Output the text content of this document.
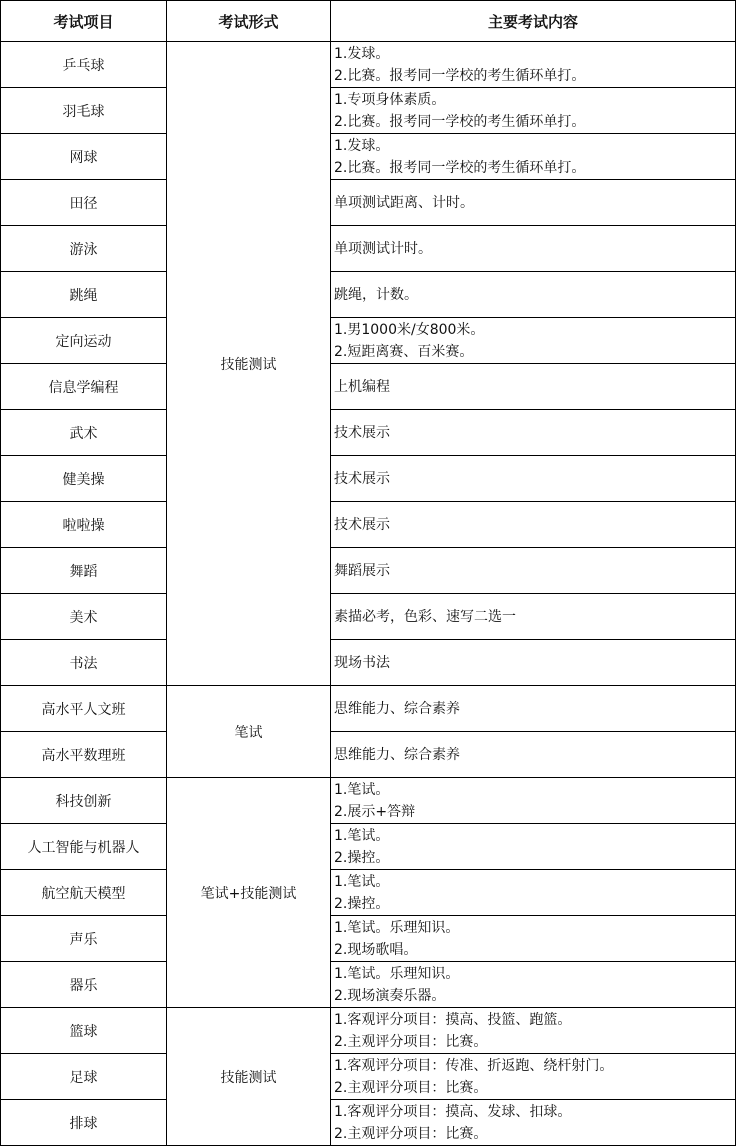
考试项目	考试形式	主要考试内容
乒乓球	技能测试	1.发球。
2.比赛。报考同一学校的考生循环单打。

羽毛球		1.专项身体素质。
2.比赛。报考同一学校的考生循环单打。

网球		1.发球。
2.比赛。报考同一学校的考生循环单打。

田径		单项测试距离、计时。

游泳		单项测试计时。

跳绳		跳绳，计数。

定向运动		1.男1000米/女800米。
2.短距离赛、百米赛。

信息学编程		上机编程

武术		技术展示

健美操		技术展示

啦啦操		技术展示

舞蹈		舞蹈展示

美术		素描必考，色彩、速写二选一

书法		现场书法

高水平人文班	笔试	思维能力、综合素养

高水平数理班		思维能力、综合素养

科技创新	笔试+技能测试	1.笔试。
2.展示+答辩

人工智能与机器人		1.笔试。
2.操控。

航空航天模型		1.笔试。
2.操控。

声乐		1.笔试。乐理知识。
2.现场歌唱。

器乐		1.笔试。乐理知识。
2.现场演奏乐器。

篮球	技能测试	1.客观评分项目：摸高、投篮、跑篮。
2.主观评分项目：比赛。

足球		1.客观评分项目：传准、折返跑、绕杆射门。
2.主观评分项目：比赛。

排球		1.客观评分项目：摸高、发球、扣球。
2.主观评分项目：比赛。
